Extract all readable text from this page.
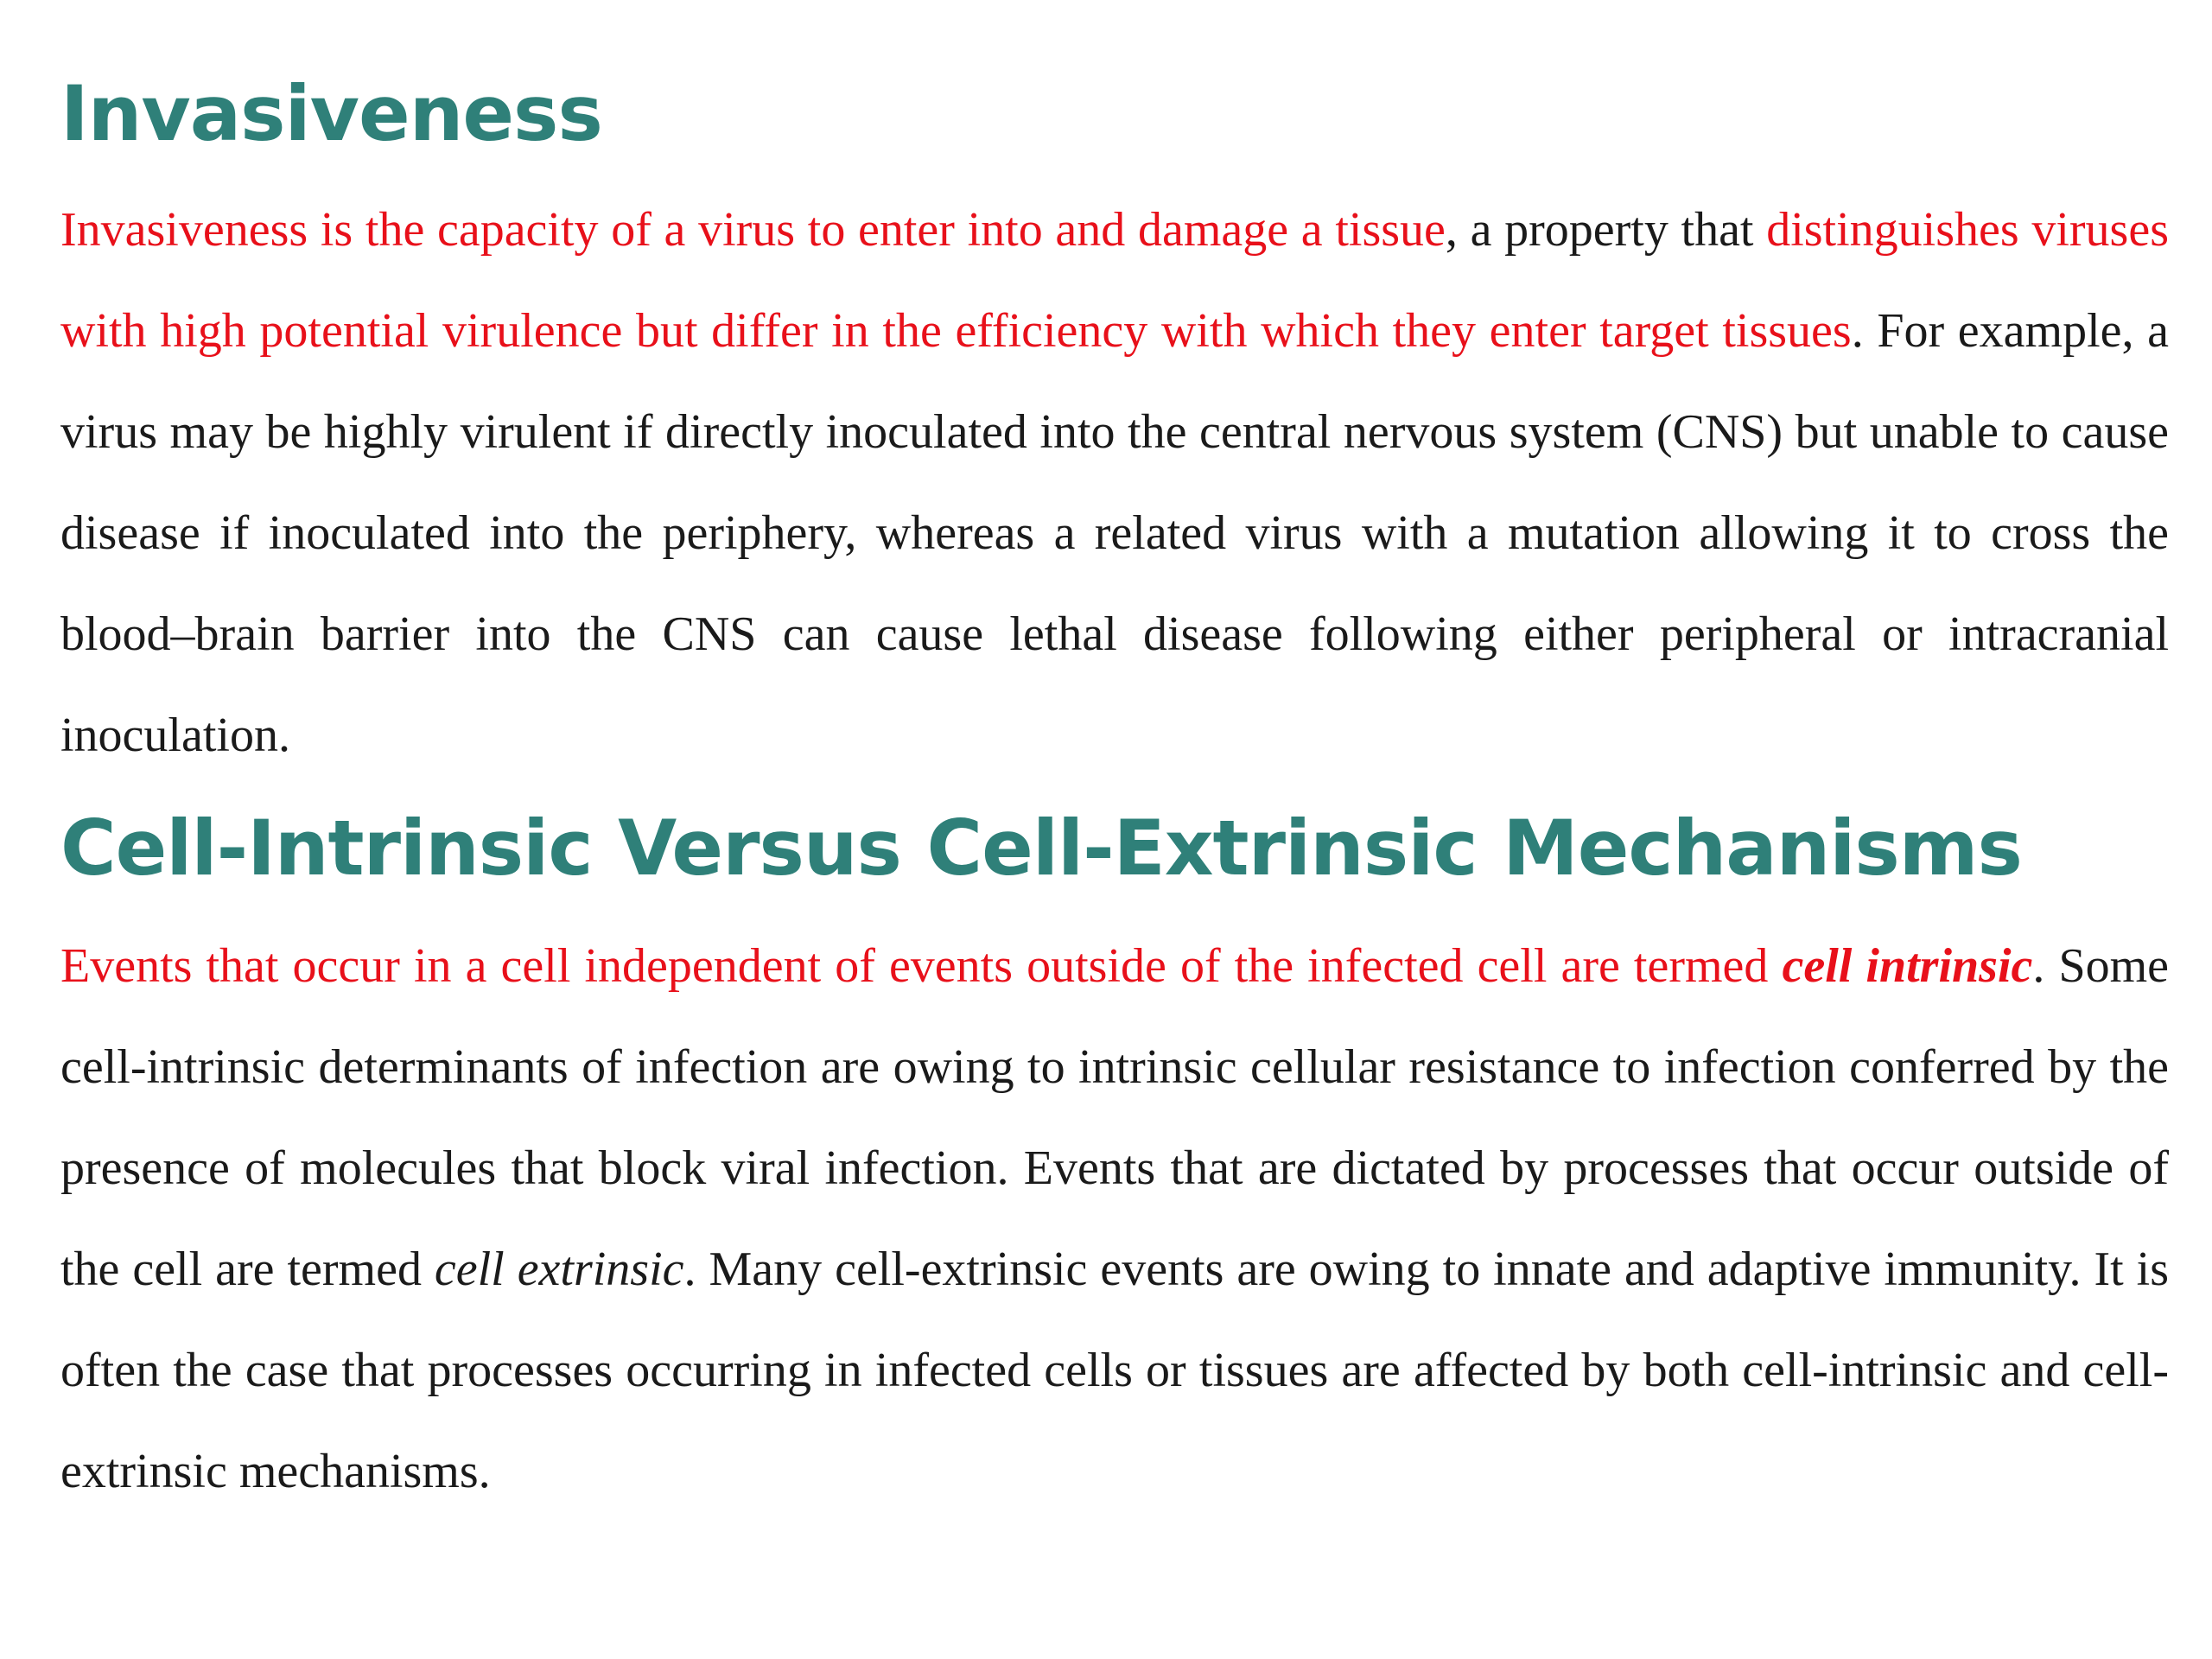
Invasiveness

Invasiveness is the capacity of a virus to enter into and damage a tissue, a property that distinguishes viruses with high potential virulence but differ in the efficiency with which they enter target tissues. For example, a virus may be highly virulent if directly inoculated into the central nervous system (CNS) but unable to cause disease if inoculated into the periphery, whereas a related virus with a mutation allowing it to cross the blood–brain barrier into the CNS can cause lethal disease following either peripheral or intracranial inoculation.

Cell-Intrinsic Versus Cell-Extrinsic Mechanisms

Events that occur in a cell independent of events outside of the infected cell are termed cell intrinsic. Some cell-intrinsic determinants of infection are owing to intrinsic cellular resistance to infection conferred by the presence of molecules that block viral infection. Events that are dictated by processes that occur outside of the cell are termed cell extrinsic. Many cell-extrinsic events are owing to innate and adaptive immunity. It is often the case that processes occurring in infected cells or tissues are affected by both cell-intrinsic and cell-extrinsic mechanisms.
